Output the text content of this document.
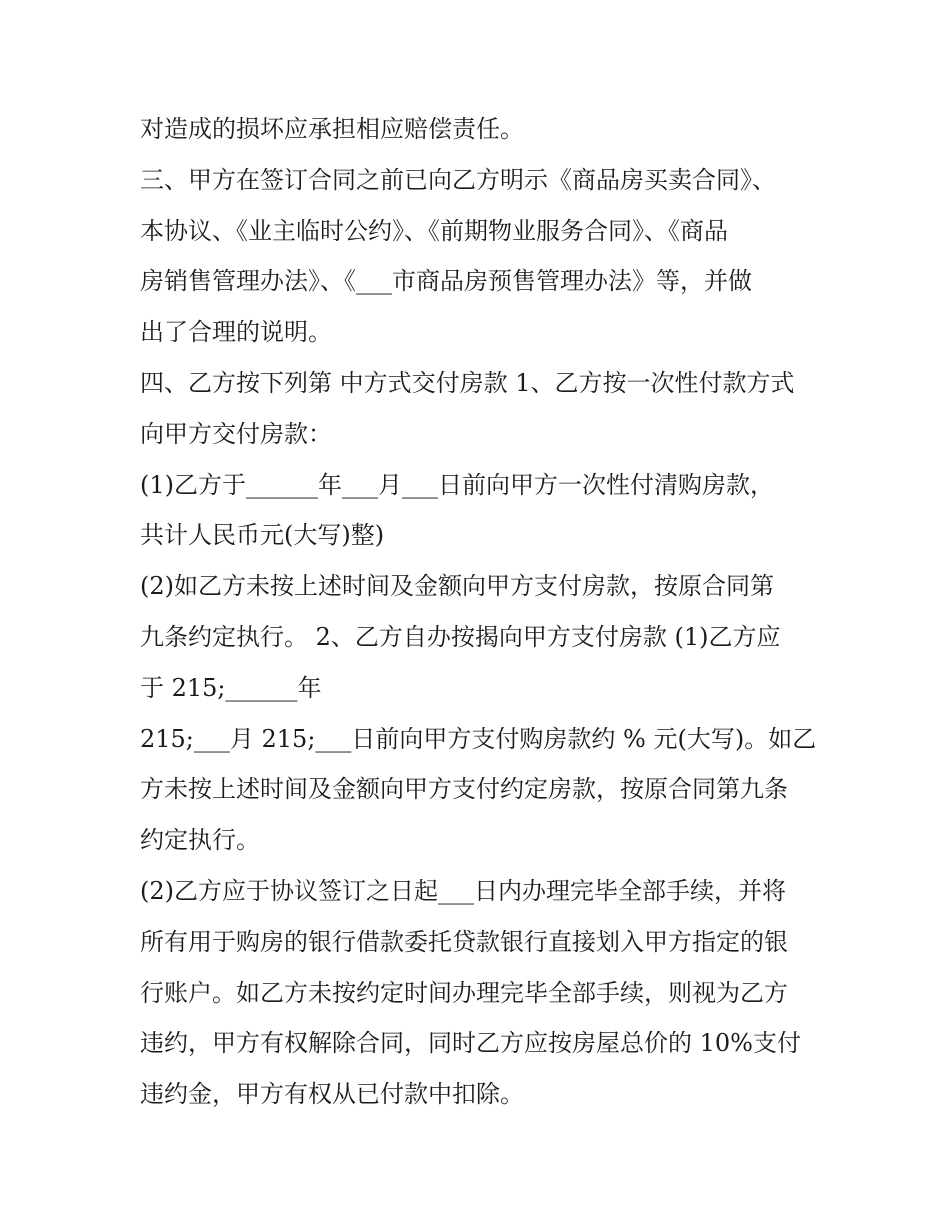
对造成的损坏应承担相应赔偿责任。
三、甲方在签订合同之前已向乙方明示《商品房买卖合同》、
本协议、《业主临时公约》、《前期物业服务合同》、《商品
房销售管理办法》、《___市商品房预售管理办法》等，并做
出了合理的说明。
四、乙方按下列第 中方式交付房款 1、乙方按一次性付款方式
向甲方交付房款：
(1)乙方于______年___月___日前向甲方一次性付清购房款，
共计人民币元(大写)整)
(2)如乙方未按上述时间及金额向甲方支付房款，按原合同第
九条约定执行。 2、乙方自办按揭向甲方支付房款 (1)乙方应
于 215;______年
215;___月 215;___日前向甲方支付购房款约 % 元(大写)。如乙
方未按上述时间及金额向甲方支付约定房款，按原合同第九条
约定执行。
(2)乙方应于协议签订之日起___日内办理完毕全部手续，并将
所有用于购房的银行借款委托贷款银行直接划入甲方指定的银
行账户。如乙方未按约定时间办理完毕全部手续，则视为乙方
违约，甲方有权解除合同，同时乙方应按房屋总价的 10%支付
违约金，甲方有权从已付款中扣除。
